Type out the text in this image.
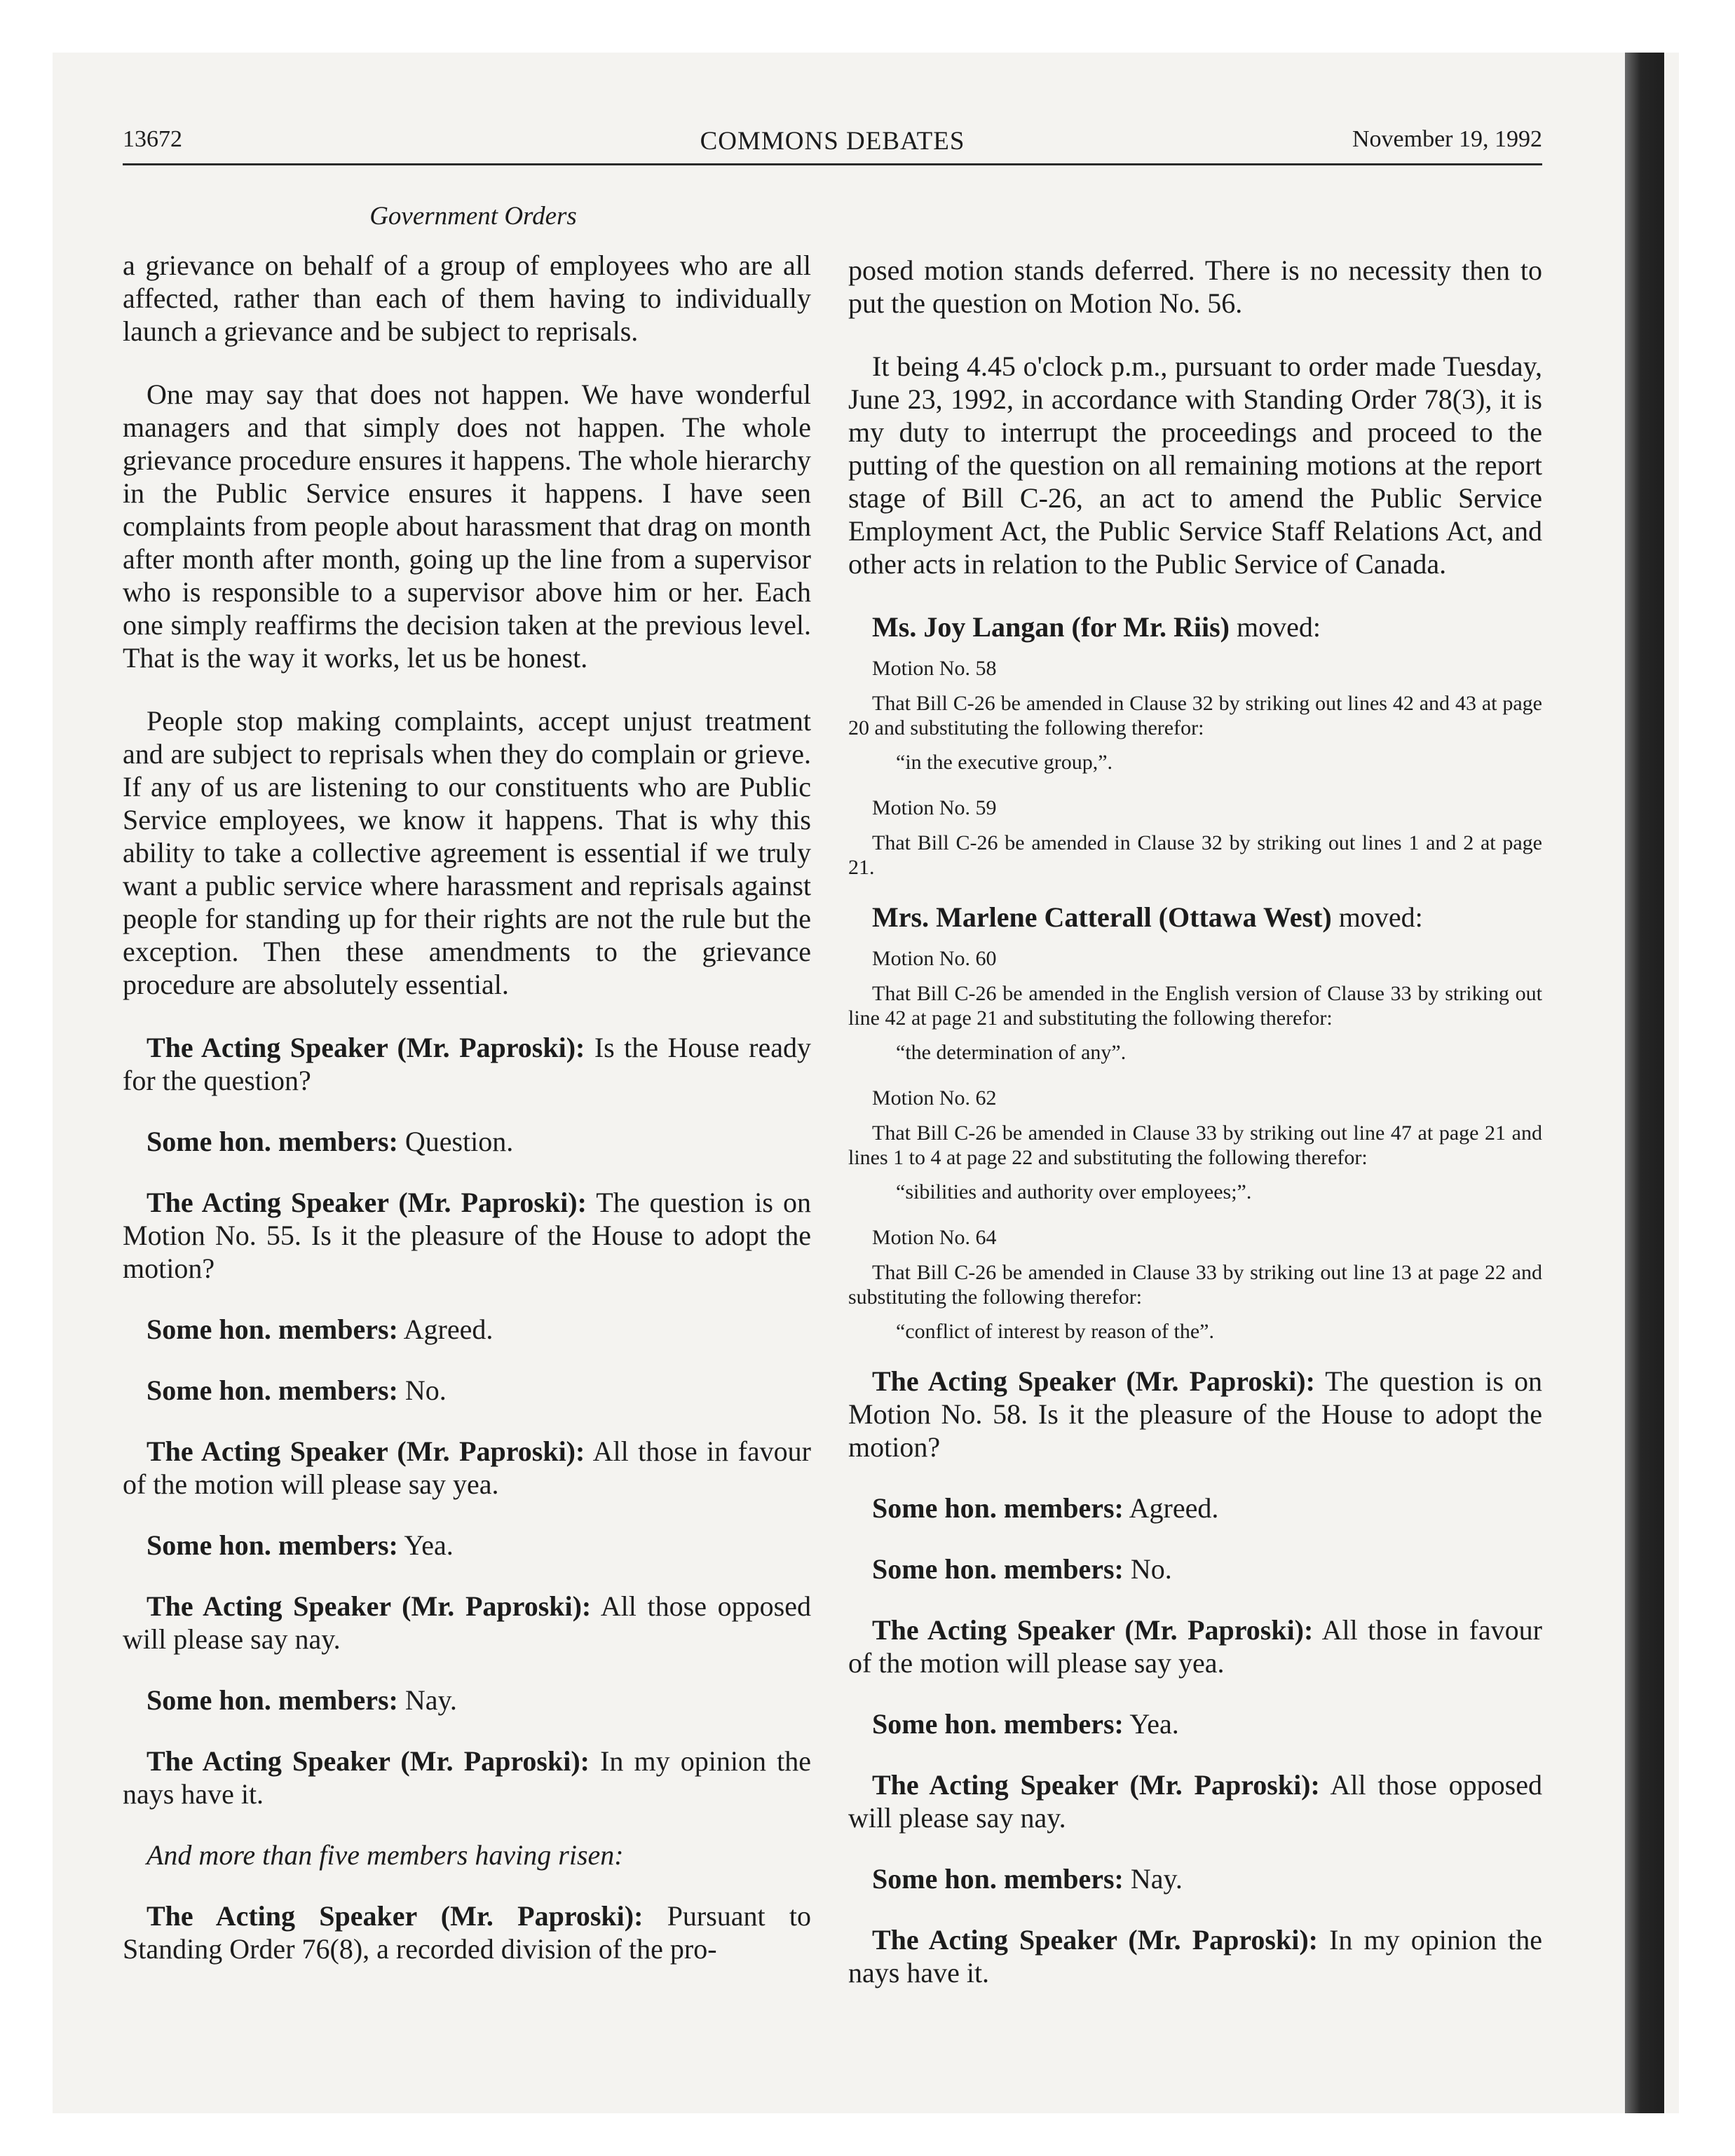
13672	COMMONS DEBATES	November 19, 1992
Government Orders

a grievance on behalf of a group of employees who are all affected, rather than each of them having to individually launch a grievance and be subject to reprisals.

One may say that does not happen. We have wonderful managers and that simply does not happen. The whole grievance procedure ensures it happens. The whole hierarchy in the Public Service ensures it happens. I have seen complaints from people about harassment that drag on month after month after month, going up the line from a supervisor who is responsible to a supervisor above him or her. Each one simply reaffirms the decision taken at the previous level. That is the way it works, let us be honest.

People stop making complaints, accept unjust treatment and are subject to reprisals when they do complain or grieve. If any of us are listening to our constituents who are Public Service employees, we know it happens. That is why this ability to take a collective agreement is essential if we truly want a public service where harassment and reprisals against people for standing up for their rights are not the rule but the exception. Then these amendments to the grievance procedure are absolutely essential.

The Acting Speaker (Mr. Paproski): Is the House ready for the question?

Some hon. members: Question.

The Acting Speaker (Mr. Paproski): The question is on Motion No. 55. Is it the pleasure of the House to adopt the motion?

Some hon. members: Agreed.

Some hon. members: No.

The Acting Speaker (Mr. Paproski): All those in favour of the motion will please say yea.

Some hon. members: Yea.

The Acting Speaker (Mr. Paproski): All those opposed will please say nay.

Some hon. members: Nay.

The Acting Speaker (Mr. Paproski): In my opinion the nays have it.

And more than five members having risen:

The Acting Speaker (Mr. Paproski): Pursuant to Standing Order 76(8), a recorded division of the pro-

posed motion stands deferred. There is no necessity then to put the question on Motion No. 56.

It being 4.45 o'clock p.m., pursuant to order made Tuesday, June 23, 1992, in accordance with Standing Order 78(3), it is my duty to interrupt the proceedings and proceed to the putting of the question on all remaining motions at the report stage of Bill C-26, an act to amend the Public Service Employment Act, the Public Service Staff Relations Act, and other acts in relation to the Public Service of Canada.

Ms. Joy Langan (for Mr. Riis) moved:

Motion No. 58
That Bill C-26 be amended in Clause 32 by striking out lines 42 and 43 at page 20 and substituting the following therefor:
“in the executive group,”.
Motion No. 59
That Bill C-26 be amended in Clause 32 by striking out lines 1 and 2 at page 21.

Mrs. Marlene Catterall (Ottawa West) moved:

Motion No. 60
That Bill C-26 be amended in the English version of Clause 33 by striking out line 42 at page 21 and substituting the following therefor:
“the determination of any”.
Motion No. 62
That Bill C-26 be amended in Clause 33 by striking out line 47 at page 21 and lines 1 to 4 at page 22 and substituting the following therefor:
“sibilities and authority over employees;”.
Motion No. 64
That Bill C-26 be amended in Clause 33 by striking out line 13 at page 22 and substituting the following therefor:
“conflict of interest by reason of the”.

The Acting Speaker (Mr. Paproski): The question is on Motion No. 58. Is it the pleasure of the House to adopt the motion?

Some hon. members: Agreed.

Some hon. members: No.

The Acting Speaker (Mr. Paproski): All those in favour of the motion will please say yea.

Some hon. members: Yea.

The Acting Speaker (Mr. Paproski): All those opposed will please say nay.

Some hon. members: Nay.

The Acting Speaker (Mr. Paproski): In my opinion the nays have it.
